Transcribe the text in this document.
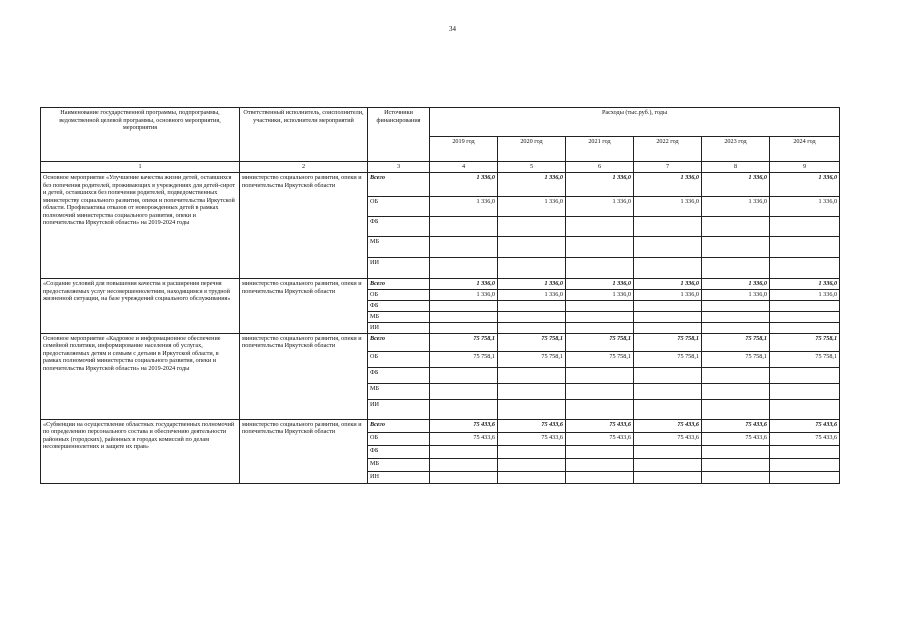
34
Наименование государственной программы, подпрограммы, ведомственной целевой программы, основного мероприятия, мероприятия	Ответственный исполнитель, соисполнители, участники, исполнители мероприятий	Источники финансирования	Расходы (тыс.руб.), годы					
			2019 год	2020 год	2021 год	2022 год	2023 год	2024 год
1	2	3	4	5	6	7	8	9
Основное мероприятие «Улучшение качества жизни детей, оставшихся без попечения родителей, проживающих в учреждениях для детей-сирот и детей, оставшихся без попечения родителей, подведомственных министерству социального развития, опеки и попечительства Иркутской области. Профилактика отказов от новорожденных детей в рамках полномочий министерства социального развития, опеки и попечительства Иркутской области» на 2019-2024 годы	министерство социального развития, опеки и попечительства Иркутской области	Всего	1 336,0	1 336,0	1 336,0	1 336,0	1 336,0	1 336,0
		ОБ	1 336,0	1 336,0	1 336,0	1 336,0	1 336,0	1 336,0
		ФБ						
		МБ						
		ИИ						
«Создание условий для повышения качества и расширения перечня предоставляемых услуг несовершеннолетним, находящимся в трудной жизненной ситуации, на базе учреждений социального обслуживания»	министерство социального развития, опеки и попечительства Иркутской области	Всего	1 336,0	1 336,0	1 336,0	1 336,0	1 336,0	1 336,0
		ОБ	1 336,0	1 336,0	1 336,0	1 336,0	1 336,0	1 336,0
		ФБ						
		МБ						
		ИИ						
Основное мероприятие «Кадровое и информационное обеспечение семейной политики, информирование населения об услугах, предоставляемых детям и семьям с детьми в Иркутской области, в рамках полномочий министерства социального развития, опеки и попечительства Иркутской области» на 2019-2024 годы	министерство социального развития, опеки и попечительства Иркутской области	Всего	75 758,1	75 758,1	75 758,1	75 758,1	75 758,1	75 758,1
		ОБ	75 758,1	75 758,1	75 758,1	75 758,1	75 758,1	75 758,1
		ФБ						
		МБ						
		ИИ						
«Субвенции на осуществление областных государственных полномочий по определению персонального состава и обеспечению деятельности районных (городских), районных в городах комиссий по делам несовершеннолетних и защите их прав»	министерство социального развития, опеки и попечительства Иркутской области	Всего	75 433,6	75 433,6	75 433,6	75 433,6	75 433,6	75 433,6
		ОБ	75 433,6	75 433,6	75 433,6	75 433,6	75 433,6	75 433,6
		ФБ						
		МБ						
		ИН						
